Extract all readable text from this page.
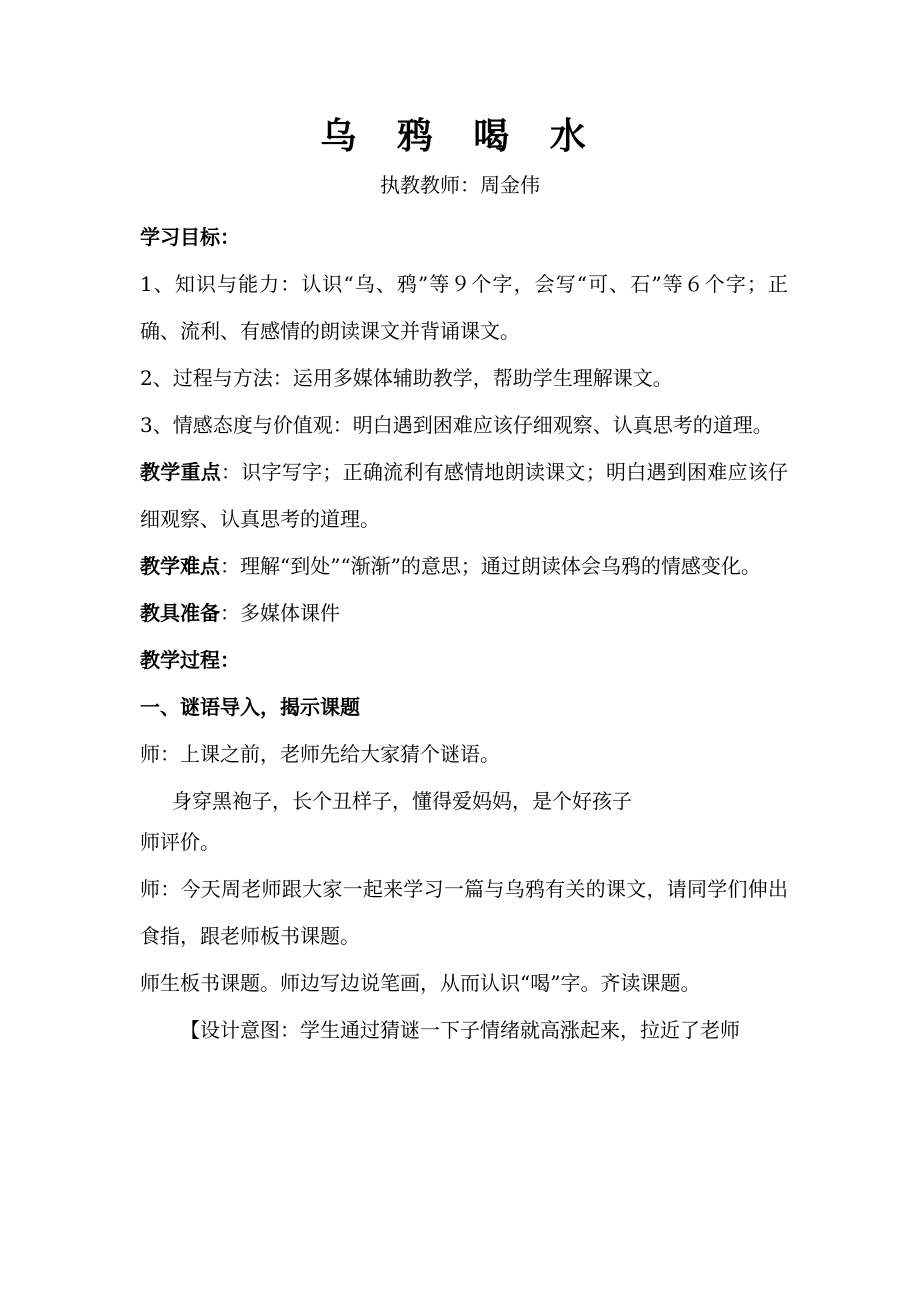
乌 鸦 喝 水
执教教师：周金伟

学习目标：

1、知识与能力：认识“乌、鸦”等９个字，会写“可、石”等６个字；正确、流利、有感情的朗读课文并背诵课文。

2、过程与方法：运用多媒体辅助教学，帮助学生理解课文。

3、情感态度与价值观：明白遇到困难应该仔细观察、认真思考的道理。

教学重点：识字写字；正确流利有感情地朗读课文；明白遇到困难应该仔细观察、认真思考的道理。

教学难点：理解“到处”“渐渐”的意思；通过朗读体会乌鸦的情感变化。

教具准备：多媒体课件

教学过程：

一、谜语导入，揭示课题

师：上课之前，老师先给大家猜个谜语。

身穿黑袍子，长个丑样子，懂得爱妈妈，是个好孩子

师评价。

师：今天周老师跟大家一起来学习一篇与乌鸦有关的课文，请同学们伸出食指，跟老师板书课题。

师生板书课题。师边写边说笔画，从而认识“喝”字。齐读课题。

【设计意图：学生通过猜谜一下子情绪就高涨起来，拉近了老师
